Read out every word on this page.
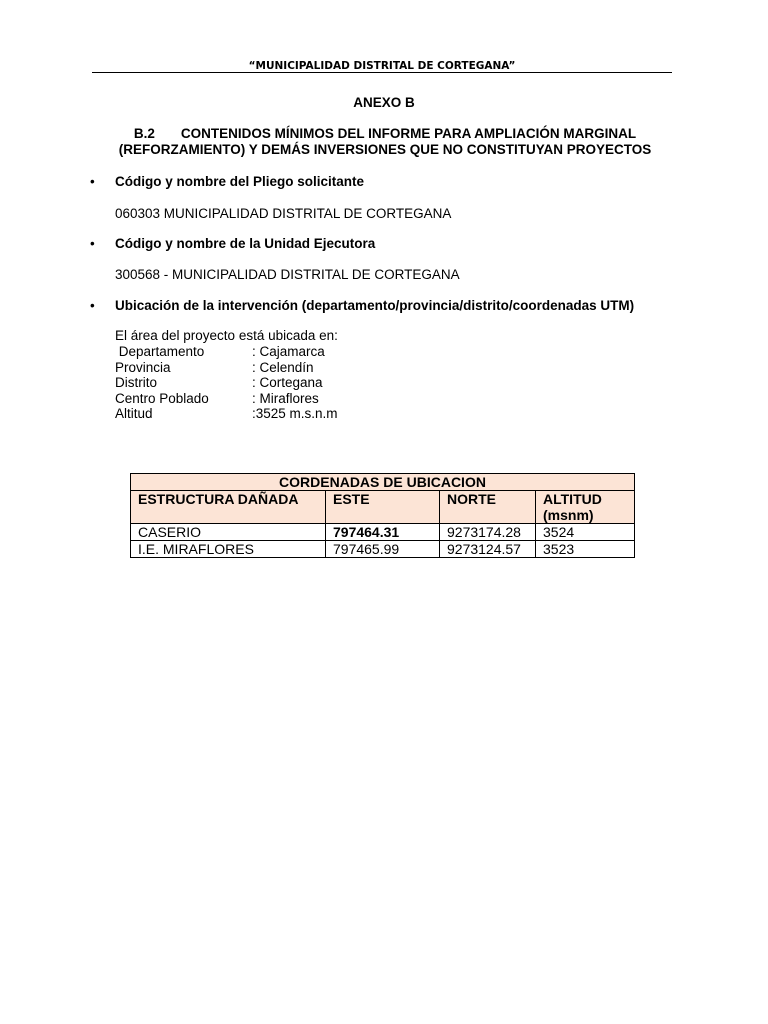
“MUNICIPALIDAD DISTRITAL DE CORTEGANA”
ANEXO B
B.2 CONTENIDOS MÍNIMOS DEL INFORME PARA AMPLIACIÓN MARGINAL
(REFORZAMIENTO) Y DEMÁS INVERSIONES QUE NO CONSTITUYAN PROYECTOS
• Código y nombre del Pliego solicitante
060303 MUNICIPALIDAD DISTRITAL DE CORTEGANA
• Código y nombre de la Unidad Ejecutora
300568 - MUNICIPALIDAD DISTRITAL DE CORTEGANA
• Ubicación de la intervención (departamento/provincia/distrito/coordenadas UTM)
El área del proyecto está ubicada en:
Departamento	: Cajamarca
Provincia	: Celendín
Distrito	: Cortegana
Centro Poblado	: Miraflores
Altitud	:3525 m.s.n.m
CORDENADAS DE UBICACION			
ESTRUCTURA DAÑADA	ESTE	NORTE	ALTITUD
(msnm)

CASERIO	797464.31	9273174.28	3524
I.E. MIRAFLORES	797465.99	9273124.57	3523
